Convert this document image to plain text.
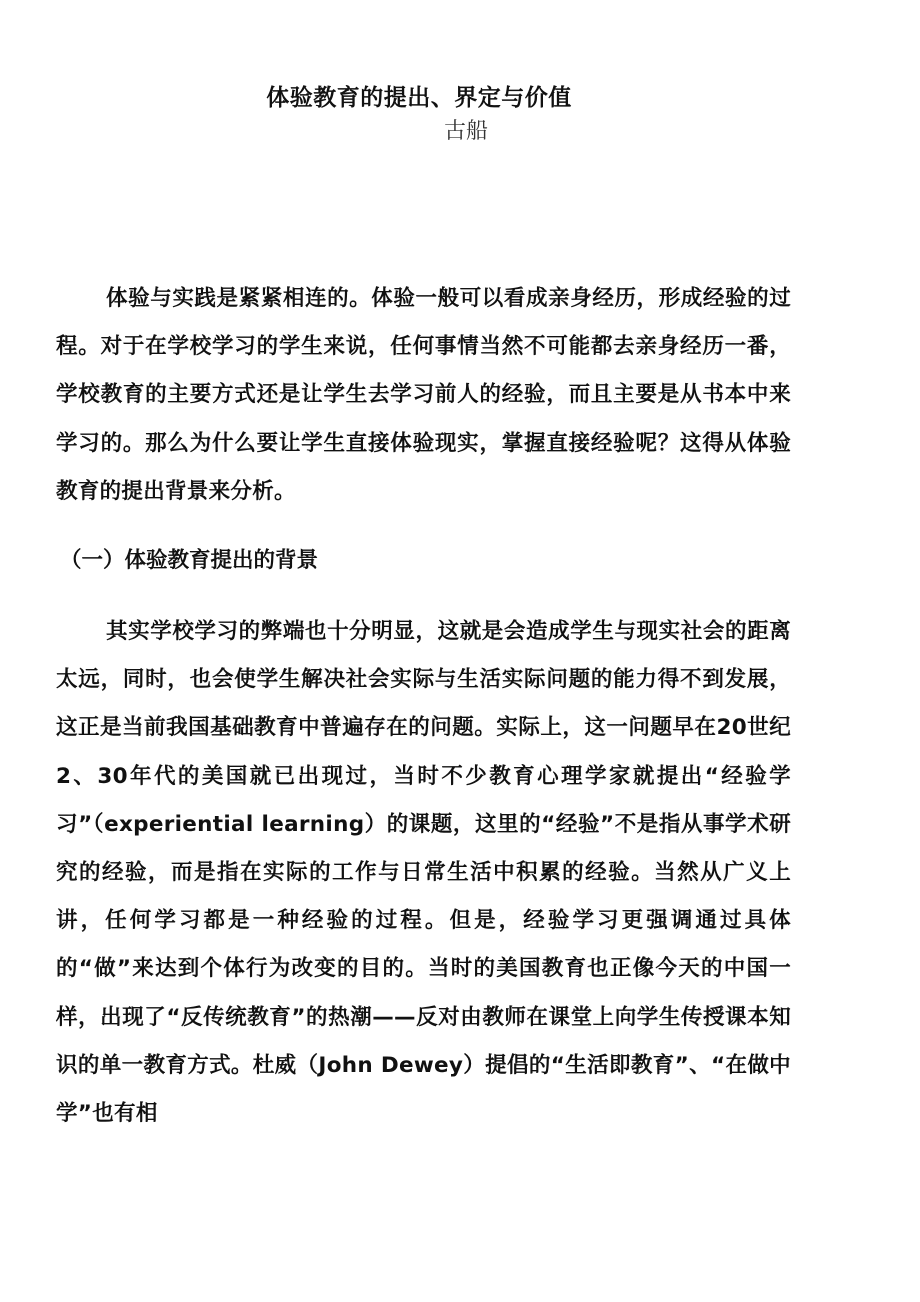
体验教育的提出、界定与价值
古船

体验与实践是紧紧相连的。体验一般可以看成亲身经历，形成经验的过程。对于在学校学习的学生来说，任何事情当然不可能都去亲身经历一番，学校教育的主要方式还是让学生去学习前人的经验，而且主要是从书本中来学习的。那么为什么要让学生直接体验现实，掌握直接经验呢？这得从体验教育的提出背景来分析。

（一）体验教育提出的背景

其实学校学习的弊端也十分明显，这就是会造成学生与现实社会的距离太远，同时，也会使学生解决社会实际与生活实际问题的能力得不到发展，这正是当前我国基础教育中普遍存在的问题。实际上，这一问题早在20世纪2、30年代的美国就已出现过，当时不少教育心理学家就提出“经验学习”（experiential learning）的课题，这里的“经验”不是指从事学术研究的经验，而是指在实际的工作与日常生活中积累的经验。当然从广义上讲，任何学习都是一种经验的过程。但是，经验学习更强调通过具体的“做”来达到个体行为改变的目的。当时的美国教育也正像今天的中国一样，出现了“反传统教育”的热潮——反对由教师在课堂上向学生传授课本知识的单一教育方式。杜威（John Dewey）提倡的“生活即教育”、“在做中学”也有相
